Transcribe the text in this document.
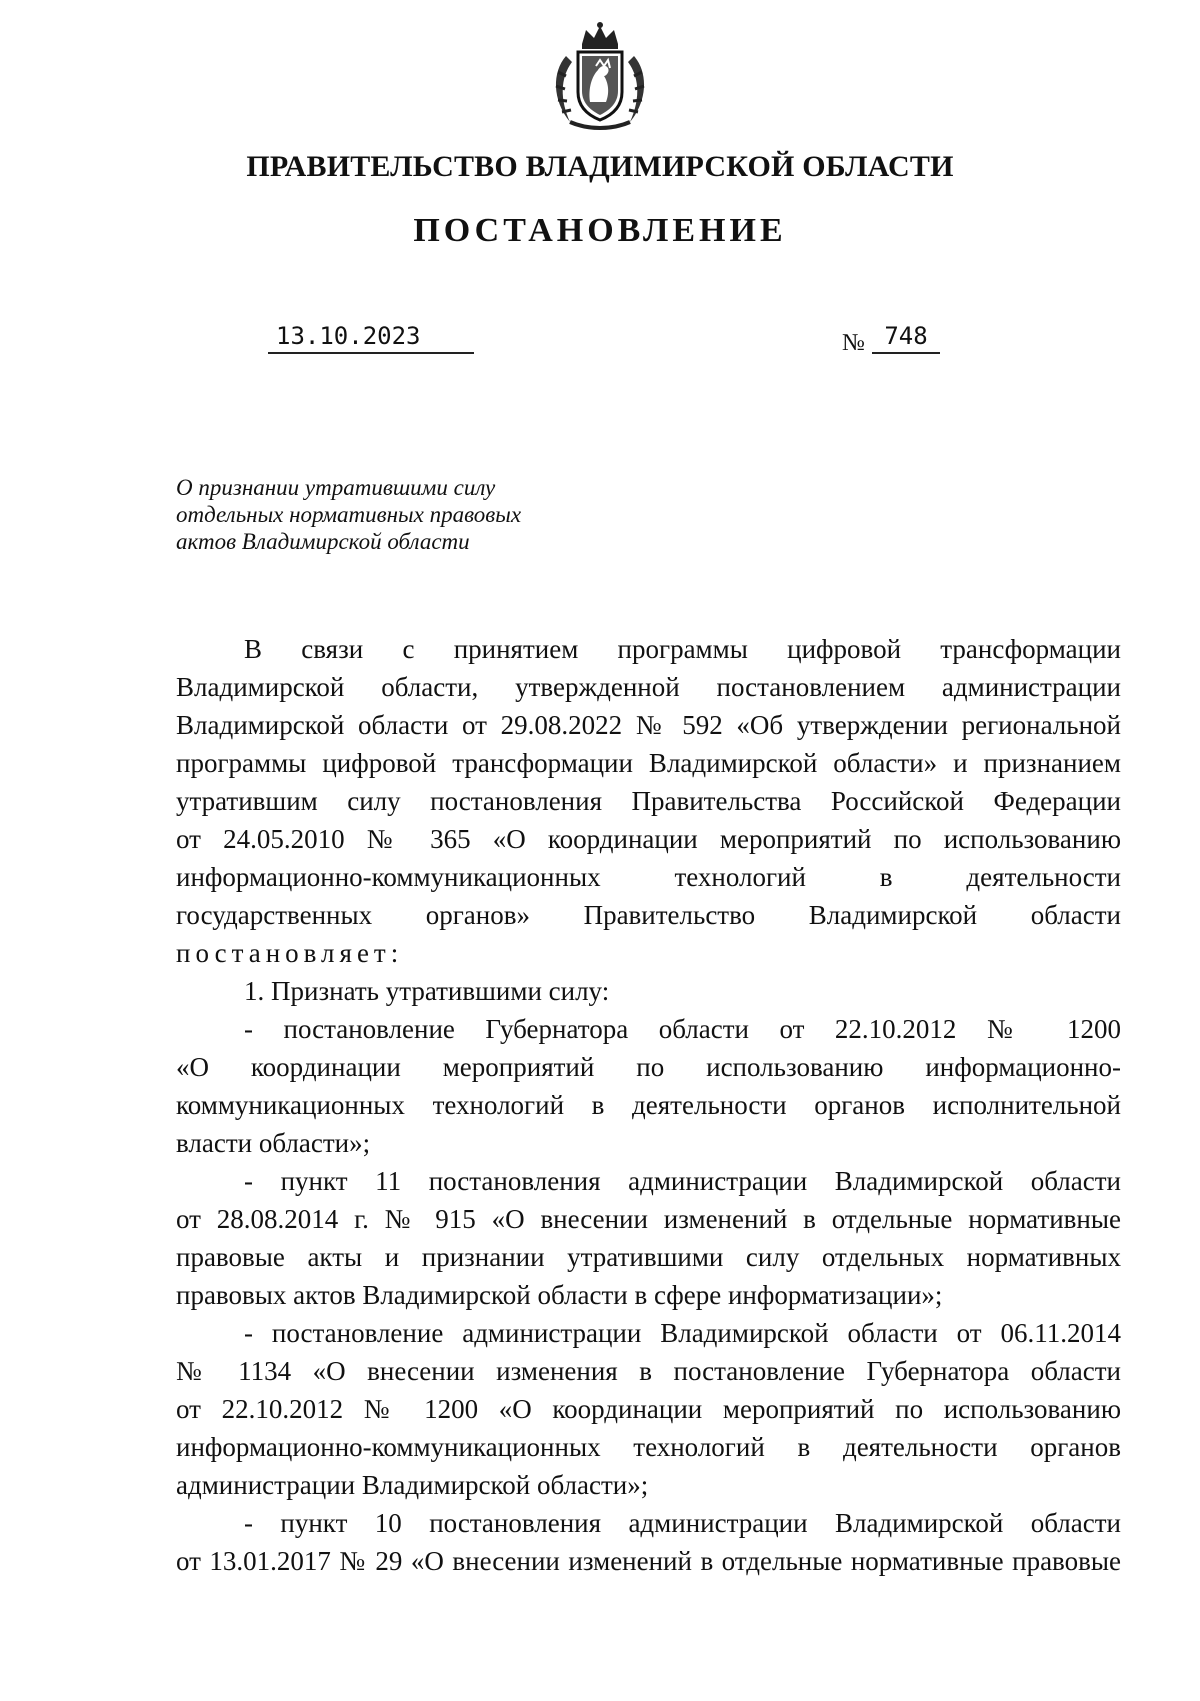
ПРАВИТЕЛЬСТВО ВЛАДИМИРСКОЙ ОБЛАСТИ
ПОСТАНОВЛЕНИЕ
13.10.2023	№ 748
О признании утратившими силу
отдельных нормативных правовых
актов Владимирской области
В связи с принятием программы цифровой трансформации
Владимирской области, утвержденной постановлением администрации
Владимирской области от 29.08.2022 № 592 «Об утверждении региональной
программы цифровой трансформации Владимирской области» и признанием
утратившим силу постановления Правительства Российской Федерации
от 24.05.2010 № 365 «О координации мероприятий по использованию
информационно-коммуникационных технологий в деятельности
государственных органов» Правительство Владимирской области
постановляет:
1. Признать утратившими силу:
- постановление Губернатора области от 22.10.2012 № 1200
«О координации мероприятий по использованию информационно-
коммуникационных технологий в деятельности органов исполнительной
власти области»;
- пункт 11 постановления администрации Владимирской области
от 28.08.2014 г. № 915 «О внесении изменений в отдельные нормативные
правовые акты и признании утратившими силу отдельных нормативных
правовых актов Владимирской области в сфере информатизации»;
- постановление администрации Владимирской области от 06.11.2014
№ 1134 «О внесении изменения в постановление Губернатора области
от 22.10.2012 № 1200 «О координации мероприятий по использованию
информационно-коммуникационных технологий в деятельности органов
администрации Владимирской области»;
- пункт 10 постановления администрации Владимирской области
от 13.01.2017 № 29 «О внесении изменений в отдельные нормативные правовые
